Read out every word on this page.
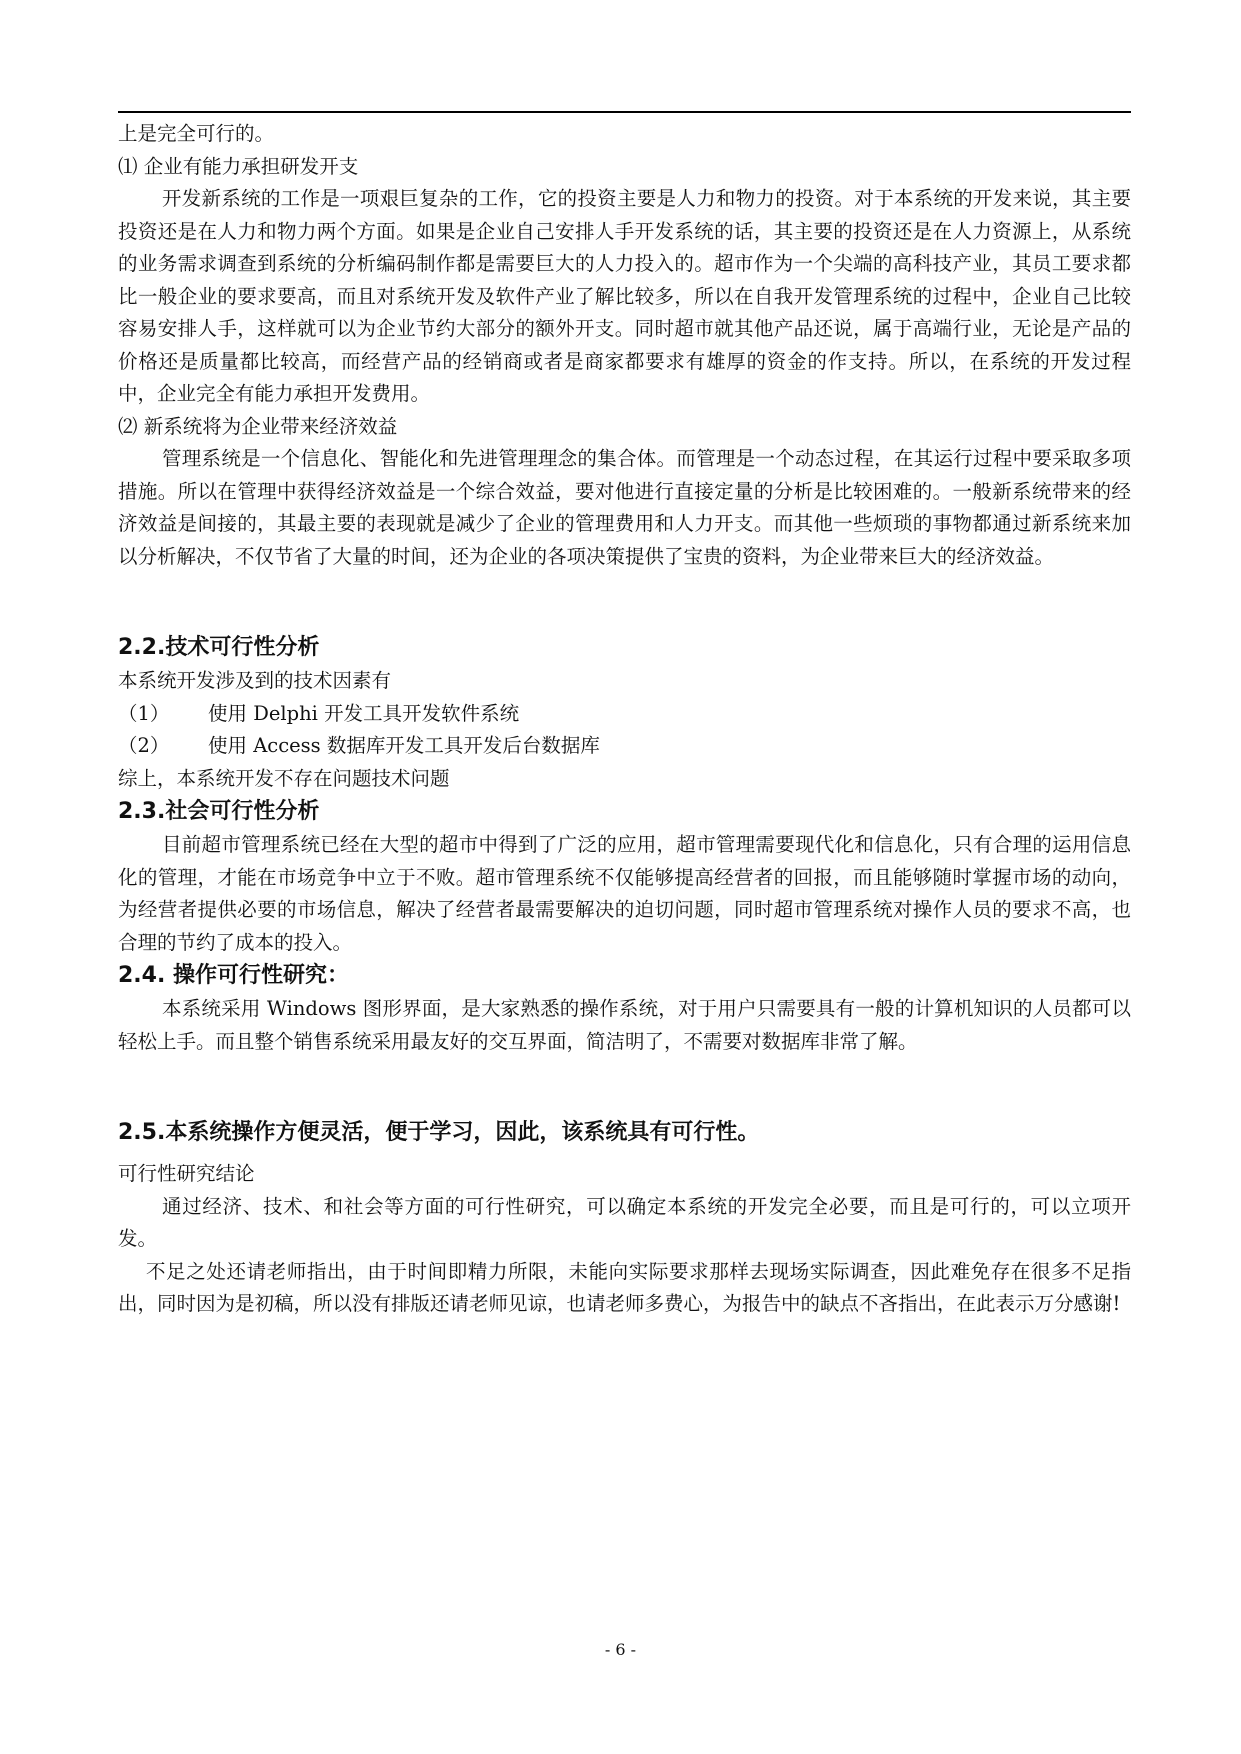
上是完全可行的。

⑴ 企业有能力承担研发开支

开发新系统的工作是一项艰巨复杂的工作，它的投资主要是人力和物力的投资。对于本系统的开发来说，其主要投资还是在人力和物力两个方面。如果是企业自己安排人手开发系统的话，其主要的投资还是在人力资源上，从系统的业务需求调查到系统的分析编码制作都是需要巨大的人力投入的。超市作为一个尖端的高科技产业，其员工要求都比一般企业的要求要高，而且对系统开发及软件产业了解比较多，所以在自我开发管理系统的过程中，企业自己比较容易安排人手，这样就可以为企业节约大部分的额外开支。同时超市就其他产品还说，属于高端行业，无论是产品的价格还是质量都比较高，而经营产品的经销商或者是商家都要求有雄厚的资金的作支持。所以，在系统的开发过程中，企业完全有能力承担开发费用。

⑵ 新系统将为企业带来经济效益

管理系统是一个信息化、智能化和先进管理理念的集合体。而管理是一个动态过程，在其运行过程中要采取多项措施。所以在管理中获得经济效益是一个综合效益，要对他进行直接定量的分析是比较困难的。一般新系统带来的经济效益是间接的，其最主要的表现就是减少了企业的管理费用和人力开支。而其他一些烦琐的事物都通过新系统来加以分析解决，不仅节省了大量的时间，还为企业的各项决策提供了宝贵的资料，为企业带来巨大的经济效益。

2.2.技术可行性分析

本系统开发涉及到的技术因素有

（1）	使用 Delphi 开发工具开发软件系统
（2）	使用 Access 数据库开发工具开发后台数据库

综上，本系统开发不存在问题技术问题

2.3.社会可行性分析

目前超市管理系统已经在大型的超市中得到了广泛的应用，超市管理需要现代化和信息化，只有合理的运用信息化的管理，才能在市场竞争中立于不败。超市管理系统不仅能够提高经营者的回报，而且能够随时掌握市场的动向，为经营者提供必要的市场信息，解决了经营者最需要解决的迫切问题，同时超市管理系统对操作人员的要求不高，也合理的节约了成本的投入。

2.4. 操作可行性研究：

本系统采用 Windows 图形界面，是大家熟悉的操作系统，对于用户只需要具有一般的计算机知识的人员都可以轻松上手。而且整个销售系统采用最友好的交互界面，简洁明了，不需要对数据库非常了解。

2.5.本系统操作方便灵活，便于学习，因此，该系统具有可行性。

可行性研究结论

通过经济、技术、和社会等方面的可行性研究，可以确定本系统的开发完全必要，而且是可行的，可以立项开发。

不足之处还请老师指出，由于时间即精力所限，未能向实际要求那样去现场实际调查，因此难免存在很多不足指出，同时因为是初稿，所以没有排版还请老师见谅，也请老师多费心，为报告中的缺点不吝指出，在此表示万分感谢!

- 6 -
